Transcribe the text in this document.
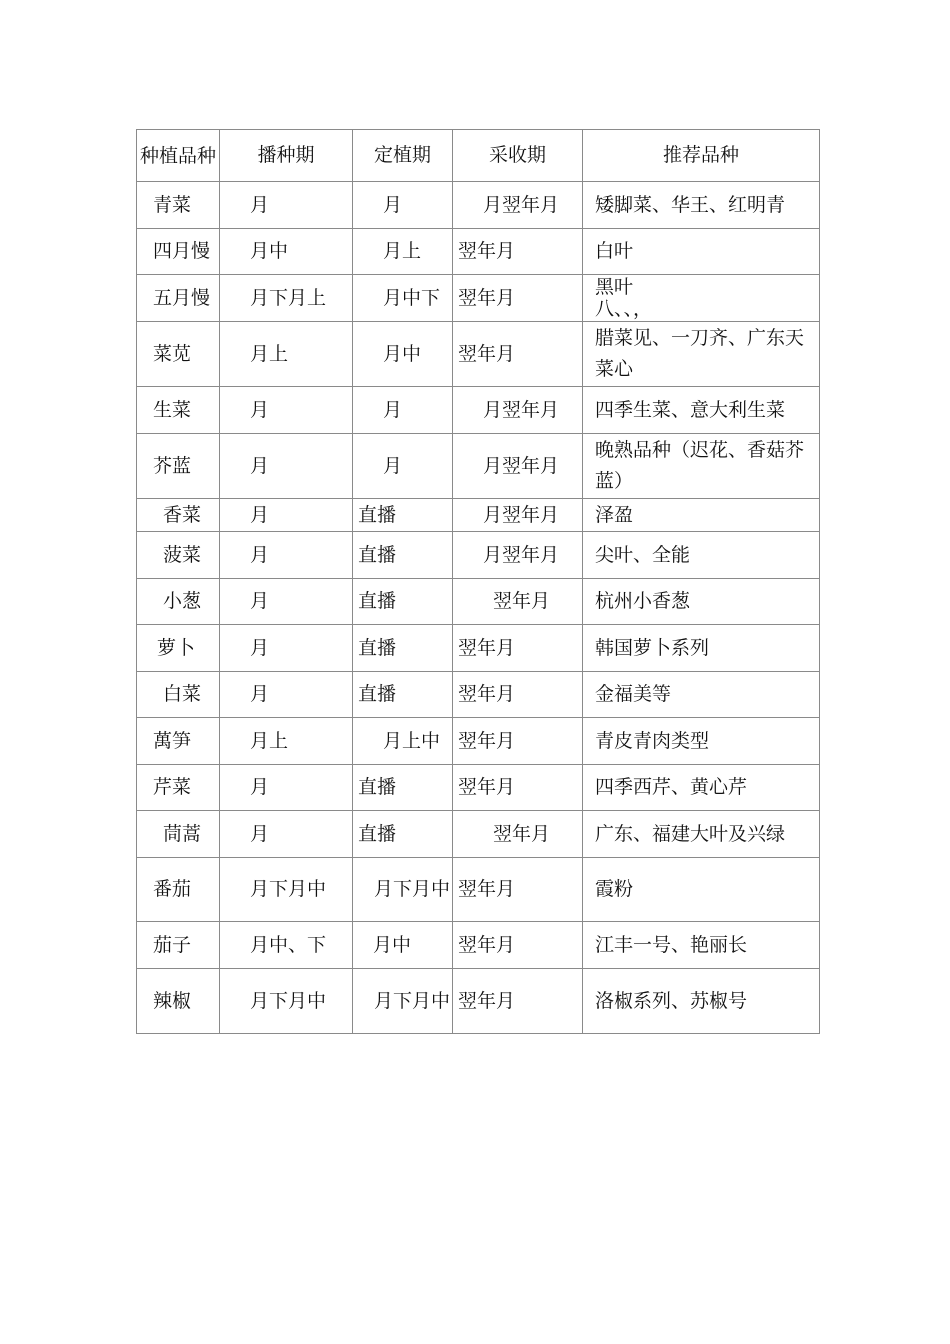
种植品种	播种期	定植期	采收期	推荐品种
青菜	月	月	月翌年月	矮脚菜、华王、红明青
四月慢	月中	月上	翌年月	白叶
五月慢	月下月上	月中下	翌年月	黑叶 八、、，
菜苋	月上	月中	翌年月	腊菜见、一刀齐、广东天菜心
生菜	月	月	月翌年月	四季生菜、意大利生菜
芥蓝	月	月	月翌年月	晚熟品种（迟花、香菇芥蓝）
香菜	月	直播	月翌年月	泽盈
菠菜	月	直播	月翌年月	尖叶、全能
小葱	月	直播	翌年月	杭州小香葱
萝卜	月	直播	翌年月	韩国萝卜系列
白菜	月	直播	翌年月	金福美等
萬笋	月上	月上中	翌年月	青皮青肉类型
芹菜	月	直播	翌年月	四季西芹、黄心芹
茼蒿	月	直播	翌年月	广东、福建大叶及兴绿
番茄	月下月中	月下月中	翌年月	霞粉
茄子	月中、下	月中	翌年月	江丰一号、艳丽长
辣椒	月下月中	月下月中	翌年月	洛椒系列、苏椒号
